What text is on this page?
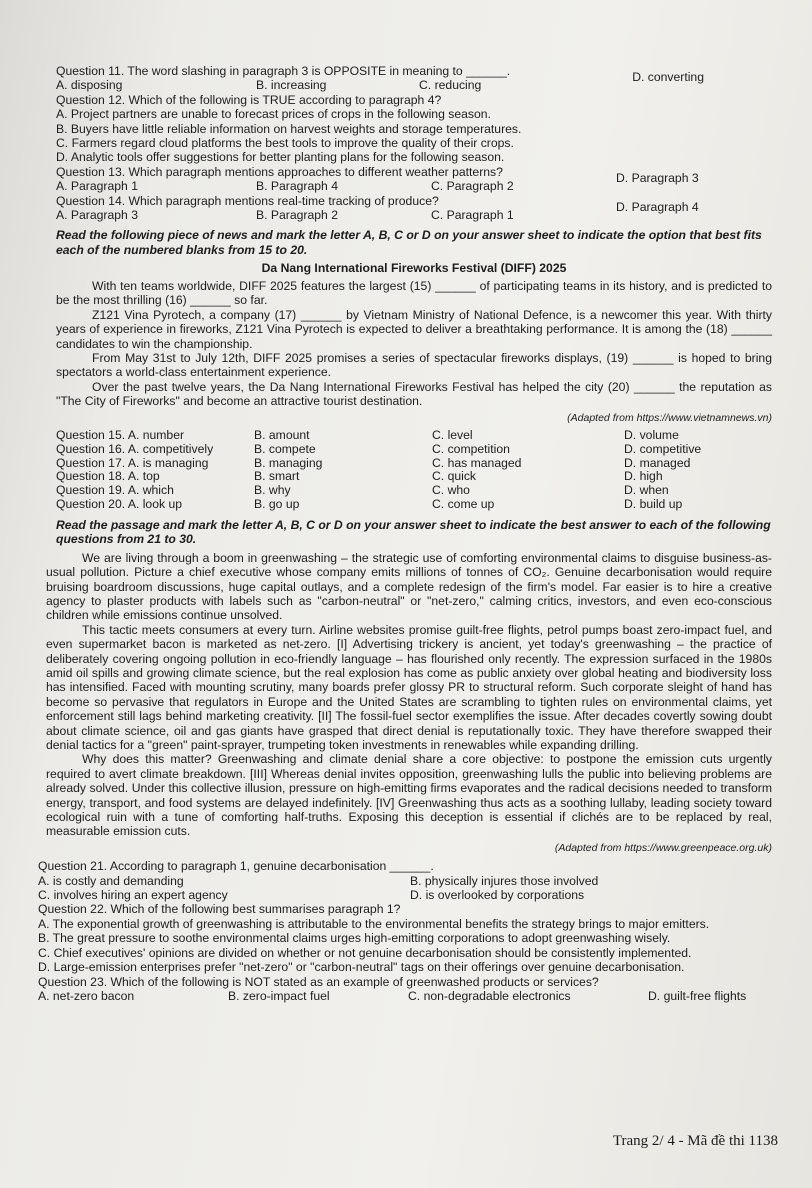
Question 11. The word slashing in paragraph 3 is OPPOSITE in meaning to ______.	D. converting
A. disposing	B. increasing	C. reducing
Question 12. Which of the following is TRUE according to paragraph 4?
A. Project partners are unable to forecast prices of crops in the following season.
B. Buyers have little reliable information on harvest weights and storage temperatures.
C. Farmers regard cloud platforms the best tools to improve the quality of their crops.
D. Analytic tools offer suggestions for better planting plans for the following season.
Question 13. Which paragraph mentions approaches to different weather patterns?
A. Paragraph 1	B. Paragraph 4	C. Paragraph 2
D. Paragraph 3
Question 14. Which paragraph mentions real-time tracking of produce?
A. Paragraph 3	B. Paragraph 2	C. Paragraph 1
D. Paragraph 4
Read the following piece of news and mark the letter A, B, C or D on your answer sheet to indicate the option that best fits each of the numbered blanks from 15 to 20.
Da Nang International Fireworks Festival (DIFF) 2025

With ten teams worldwide, DIFF 2025 features the largest (15) ______ of participating teams in its history, and is predicted to be the most thrilling (16) ______ so far.

Z121 Vina Pyrotech, a company (17) ______ by Vietnam Ministry of National Defence, is a newcomer this year. With thirty years of experience in fireworks, Z121 Vina Pyrotech is expected to deliver a breathtaking performance. It is among the (18) ______ candidates to win the championship.

From May 31st to July 12th, DIFF 2025 promises a series of spectacular fireworks displays, (19) ______ is hoped to bring spectators a world-class entertainment experience.

Over the past twelve years, the Da Nang International Fireworks Festival has helped the city (20) ______ the reputation as "The City of Fireworks" and become an attractive tourist destination.

(Adapted from https://www.vietnamnews.vn)
Question 15. A. number	B. amount	C. level	D. volume
Question 16. A. competitively	B. compete	C. competition	D. competitive
Question 17. A. is managing	B. managing	C. has managed	D. managed
Question 18. A. top	B. smart	C. quick	D. high
Question 19. A. which	B. why	C. who	D. when
Question 20. A. look up	B. go up	C. come up	D. build up
Read the passage and mark the letter A, B, C or D on your answer sheet to indicate the best answer to each of the following questions from 21 to 30.

We are living through a boom in greenwashing – the strategic use of comforting environmental claims to disguise business-as-usual pollution. Picture a chief executive whose company emits millions of tonnes of CO₂. Genuine decarbonisation would require bruising boardroom discussions, huge capital outlays, and a complete redesign of the firm's model. Far easier is to hire a creative agency to plaster products with labels such as "carbon-neutral" or "net-zero," calming critics, investors, and even eco-conscious children while emissions continue unsolved.

This tactic meets consumers at every turn. Airline websites promise guilt-free flights, petrol pumps boast zero-impact fuel, and even supermarket bacon is marketed as net-zero. [I] Advertising trickery is ancient, yet today's greenwashing – the practice of deliberately covering ongoing pollution in eco-friendly language – has flourished only recently. The expression surfaced in the 1980s amid oil spills and growing climate science, but the real explosion has come as public anxiety over global heating and biodiversity loss has intensified. Faced with mounting scrutiny, many boards prefer glossy PR to structural reform. Such corporate sleight of hand has become so pervasive that regulators in Europe and the United States are scrambling to tighten rules on environmental claims, yet enforcement still lags behind marketing creativity. [II] The fossil-fuel sector exemplifies the issue. After decades covertly sowing doubt about climate science, oil and gas giants have grasped that direct denial is reputationally toxic. They have therefore swapped their denial tactics for a "green" paint-sprayer, trumpeting token investments in renewables while expanding drilling.

Why does this matter? Greenwashing and climate denial share a core objective: to postpone the emission cuts urgently required to avert climate breakdown. [III] Whereas denial invites opposition, greenwashing lulls the public into believing problems are already solved. Under this collective illusion, pressure on high-emitting firms evaporates and the radical decisions needed to transform energy, transport, and food systems are delayed indefinitely. [IV] Greenwashing thus acts as a soothing lullaby, leading society toward ecological ruin with a tune of comforting half-truths. Exposing this deception is essential if clichés are to be replaced by real, measurable emission cuts.

(Adapted from https://www.greenpeace.org.uk)
Question 21. According to paragraph 1, genuine decarbonisation ______.
A. is costly and demanding	B. physically injures those involved
C. involves hiring an expert agency	D. is overlooked by corporations
Question 22. Which of the following best summarises paragraph 1?
A. The exponential growth of greenwashing is attributable to the environmental benefits the strategy brings to major emitters.
B. The great pressure to soothe environmental claims urges high-emitting corporations to adopt greenwashing wisely.
C. Chief executives' opinions are divided on whether or not genuine decarbonisation should be consistently implemented.
D. Large-emission enterprises prefer "net-zero" or "carbon-neutral" tags on their offerings over genuine decarbonisation.
Question 23. Which of the following is NOT stated as an example of greenwashed products or services?
A. net-zero bacon	B. zero-impact fuel	C. non-degradable electronics	D. guilt-free flights
Trang 2/ 4 - Mã đề thi 1138
